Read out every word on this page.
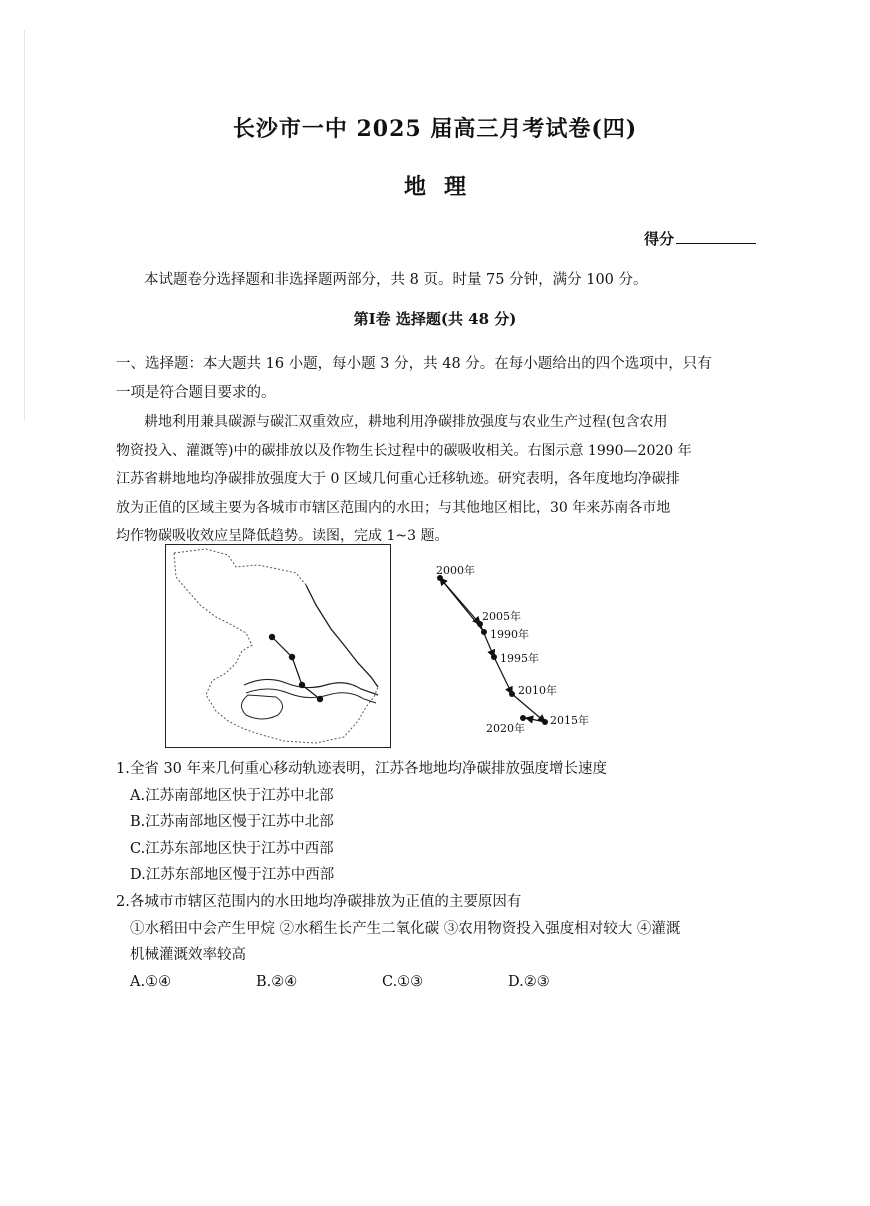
长沙市一中 2025 届高三月考试卷(四)
地理
得分
本试题卷分选择题和非选择题两部分，共 8 页。时量 75 分钟，满分 100 分。
第Ⅰ卷 选择题(共 48 分)
一、选择题：本大题共 16 小题，每小题 3 分，共 48 分。在每小题给出的四个选项中，只有
一项是符合题目要求的。
耕地利用兼具碳源与碳汇双重效应，耕地利用净碳排放强度与农业生产过程(包含农用
物资投入、灌溉等)中的碳排放以及作物生长过程中的碳吸收相关。右图示意 1990—2020 年
江苏省耕地地均净碳排放强度大于 0 区域几何重心迁移轨迹。研究表明，各年度地均净碳排
放为正值的区域主要为各城市市辖区范围内的水田；与其他地区相比，30 年来苏南各市地
均作物碳吸收效应呈降低趋势。读图，完成 1~3 题。
2000年
2005年
1990年
1995年
2010年
2015年
2020年
1.全省 30 年来几何重心移动轨迹表明，江苏各地地均净碳排放强度增长速度
A.江苏南部地区快于江苏中北部
B.江苏南部地区慢于江苏中北部
C.江苏东部地区快于江苏中西部
D.江苏东部地区慢于江苏中西部
2.各城市市辖区范围内的水田地均净碳排放为正值的主要原因有
①水稻田中会产生甲烷 ②水稻生长产生二氧化碳 ③农用物资投入强度相对较大 ④灌溉
机械灌溉效率较高
A.①④	B.②④	C.①③	D.②③
